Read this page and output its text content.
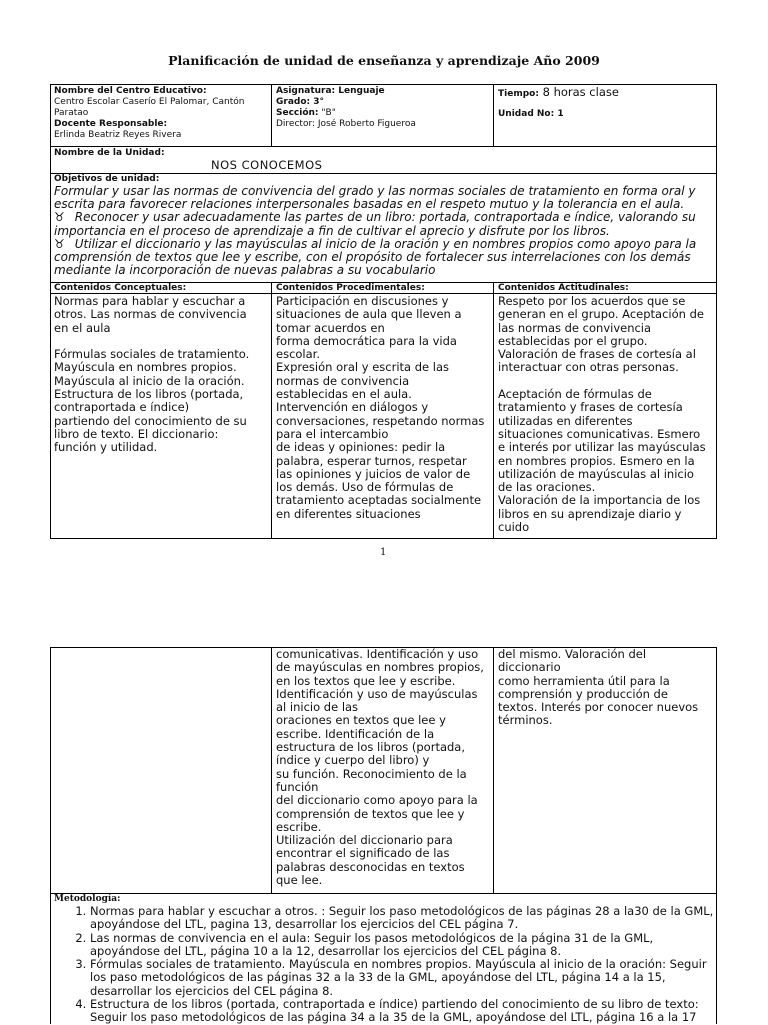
Planificación de unidad de enseñanza y aprendizaje Año 2009
Nombre del Centro Educativo:
Centro Escolar Caserío El Palomar, Cantón Paratao
Docente Responsable:
Erlinda Beatriz Reyes Rivera
Asignatura: Lenguaje
Grado: 3°
Sección: "B"
Director: José Roberto Figueroa
Tiempo: 8 horas clase
Unidad No: 1
Nombre de la Unidad:
NOS CONOCEMOS
Objetivos de unidad:
Formular y usar las normas de convivencia del grado y las normas sociales de tratamiento en forma oral y escrita para favorecer relaciones interpersonales basadas en el respeto mutuo y la tolerancia en el aula.
♉ Reconocer y usar adecuadamente las partes de un libro: portada, contraportada e índice, valorando su importancia en el proceso de aprendizaje a fin de cultivar el aprecio y disfrute por los libros.
♉ Utilizar el diccionario y las mayúsculas al inicio de la oración y en nombres propios como apoyo para la comprensión de textos que lee y escribe, con el propósito de fortalecer sus interrelaciones con los demás mediante la incorporación de nuevas palabras a su vocabulario
Contenidos Conceptuales:	Contenidos Procedimentales:	Contenidos Actitudinales:
Normas para hablar y escuchar a
otros. Las normas de convivencia
en el aula
Fórmulas sociales de tratamiento.
Mayúscula en nombres propios.
Mayúscula al inicio de la oración.
Estructura de los libros (portada,
contraportada e índice)
partiendo del conocimiento de su
libro de texto. El diccionario:
función y utilidad.
Participación en discusiones y
situaciones de aula que lleven a
tomar acuerdos en
forma democrática para la vida
escolar.
Expresión oral y escrita de las
normas de convivencia
establecidas en el aula.
Intervención en diálogos y
conversaciones, respetando normas
para el intercambio
de ideas y opiniones: pedir la
palabra, esperar turnos, respetar
las opiniones y juicios de valor de
los demás. Uso de fórmulas de
tratamiento aceptadas socialmente
en diferentes situaciones
Respeto por los acuerdos que se
generan en el grupo. Aceptación de
las normas de convivencia
establecidas por el grupo.
Valoración de frases de cortesía al
interactuar con otras personas.
Aceptación de fórmulas de
tratamiento y frases de cortesía
utilizadas en diferentes
situaciones comunicativas. Esmero
e interés por utilizar las mayúsculas
en nombres propios. Esmero en la
utilización de mayúsculas al inicio
de las oraciones.
Valoración de la importancia de los
libros en su aprendizaje diario y
cuido
1
comunicativas. Identificación y uso
de mayúsculas en nombres propios,
en los textos que lee y escribe.
Identificación y uso de mayúsculas
al inicio de las
oraciones en textos que lee y
escribe. Identificación de la
estructura de los libros (portada,
índice y cuerpo del libro) y
su función. Reconocimiento de la
función
del diccionario como apoyo para la
comprensión de textos que lee y
escribe.
Utilización del diccionario para
encontrar el significado de las
palabras desconocidas en textos
que lee.
del mismo. Valoración del
diccionario
como herramienta útil para la
comprensión y producción de
textos. Interés por conocer nuevos
términos.
Metodología:
1. Normas para hablar y escuchar a otros. : Seguir los paso metodológicos de las páginas 28 a la30 de la GML, apoyándose del LTL, pagina 13, desarrollar los ejercicios del CEL página 7.
2. Las normas de convivencia en el aula: Seguir los pasos metodológicos de la página 31 de la GML, apoyándose del LTL, página 10 a la 12, desarrollar los ejercicios del CEL página 8.
3. Fórmulas sociales de tratamiento. Mayúscula en nombres propios. Mayúscula al inicio de la oración: Seguir los paso metodológicos de las páginas 32 a la 33 de la GML, apoyándose del LTL, página 14 a la 15, desarrollar los ejercicios del CEL página 8.
4. Estructura de los libros (portada, contraportada e índice) partiendo del conocimiento de su libro de texto: Seguir los paso metodológicos de las página 34 a la 35 de la GML, apoyándose del LTL, página 16 a la 17
